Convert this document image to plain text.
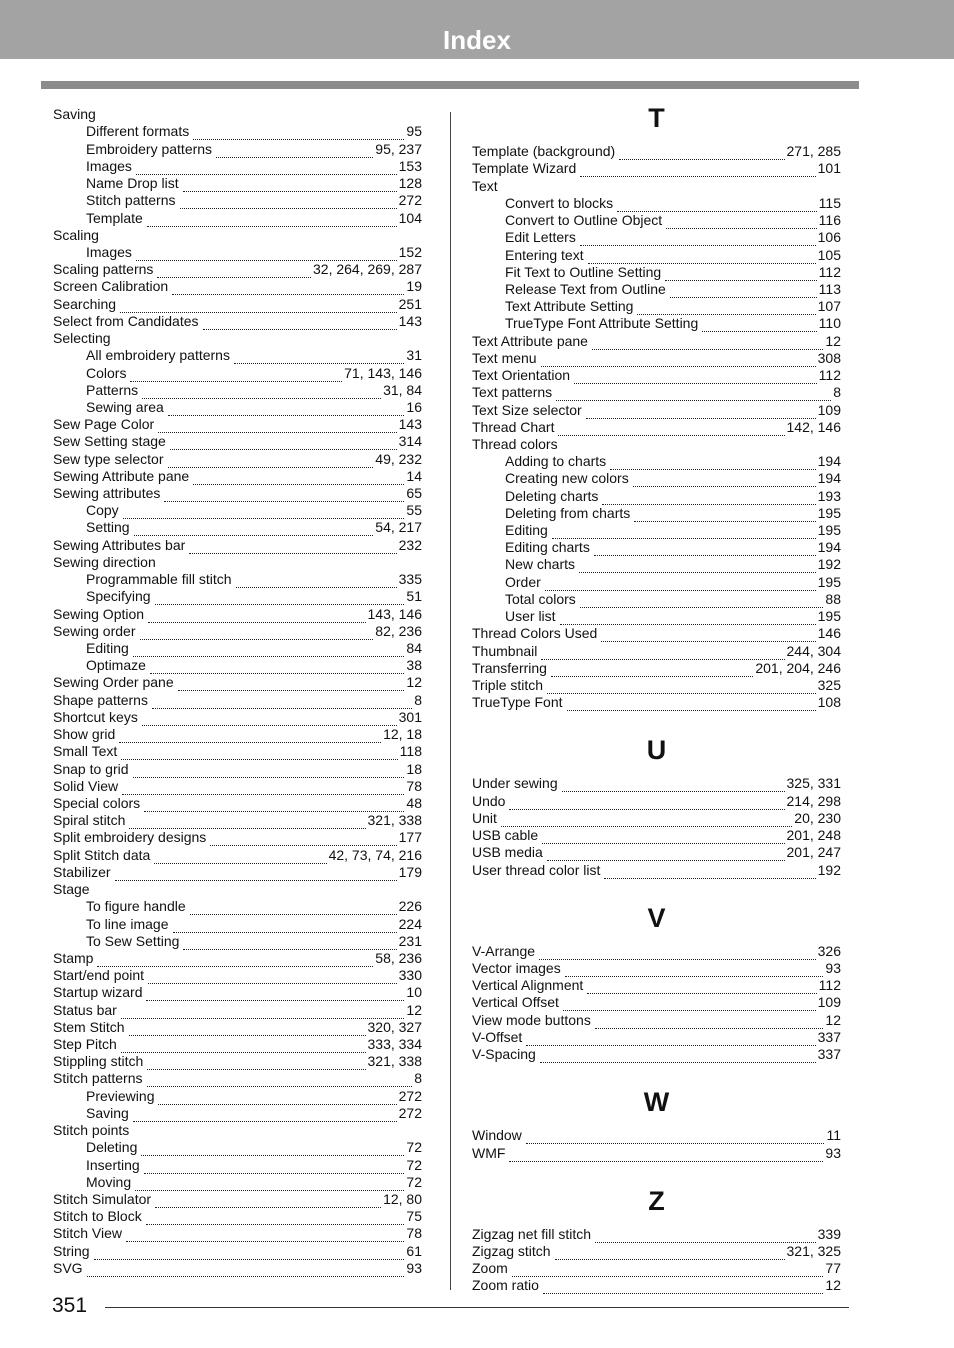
Index
Saving
Different formats	95
Embroidery patterns	95, 237
Images	153
Name Drop list	128
Stitch patterns	272
Template	104
Scaling
Images	152
Scaling patterns	32, 264, 269, 287
Screen Calibration	19
Searching	251
Select from Candidates	143
Selecting
All embroidery patterns	31
Colors	71, 143, 146
Patterns	31, 84
Sewing area	16
Sew Page Color	143
Sew Setting stage	314
Sew type selector	49, 232
Sewing Attribute pane	14
Sewing attributes	65
Copy	55
Setting	54, 217
Sewing Attributes bar	232
Sewing direction
Programmable fill stitch	335
Specifying	51
Sewing Option	143, 146
Sewing order	82, 236
Editing	84
Optimaze	38
Sewing Order pane	12
Shape patterns	8
Shortcut keys	301
Show grid	12, 18
Small Text	118
Snap to grid	18
Solid View	78
Special colors	48
Spiral stitch	321, 338
Split embroidery designs	177
Split Stitch data	42, 73, 74, 216
Stabilizer	179
Stage
To figure handle	226
To line image	224
To Sew Setting	231
Stamp	58, 236
Start/end point	330
Startup wizard	10
Status bar	12
Stem Stitch	320, 327
Step Pitch	333, 334
Stippling stitch	321, 338
Stitch patterns	8
Previewing	272
Saving	272
Stitch points
Deleting	72
Inserting	72
Moving	72
Stitch Simulator	12, 80
Stitch to Block	75
Stitch View	78
String	61
SVG	93
T
Template (background)	271, 285
Template Wizard	101
Text
Convert to blocks	115
Convert to Outline Object	116
Edit Letters	106
Entering text	105
Fit Text to Outline Setting	112
Release Text from Outline	113
Text Attribute Setting	107
TrueType Font Attribute Setting	110
Text Attribute pane	12
Text menu	308
Text Orientation	112
Text patterns	8
Text Size selector	109
Thread Chart	142, 146
Thread colors
Adding to charts	194
Creating new colors	194
Deleting charts	193
Deleting from charts	195
Editing	195
Editing charts	194
New charts	192
Order	195
Total colors	88
User list	195
Thread Colors Used	146
Thumbnail	244, 304
Transferring	201, 204, 246
Triple stitch	325
TrueType Font	108
U
Under sewing	325, 331
Undo	214, 298
Unit	20, 230
USB cable	201, 248
USB media	201, 247
User thread color list	192
V
V-Arrange	326
Vector images	93
Vertical Alignment	112
Vertical Offset	109
View mode buttons	12
V-Offset	337
V-Spacing	337
W
Window	11
WMF	93
Z
Zigzag net fill stitch	339
Zigzag stitch	321, 325
Zoom	77
Zoom ratio	12
351
